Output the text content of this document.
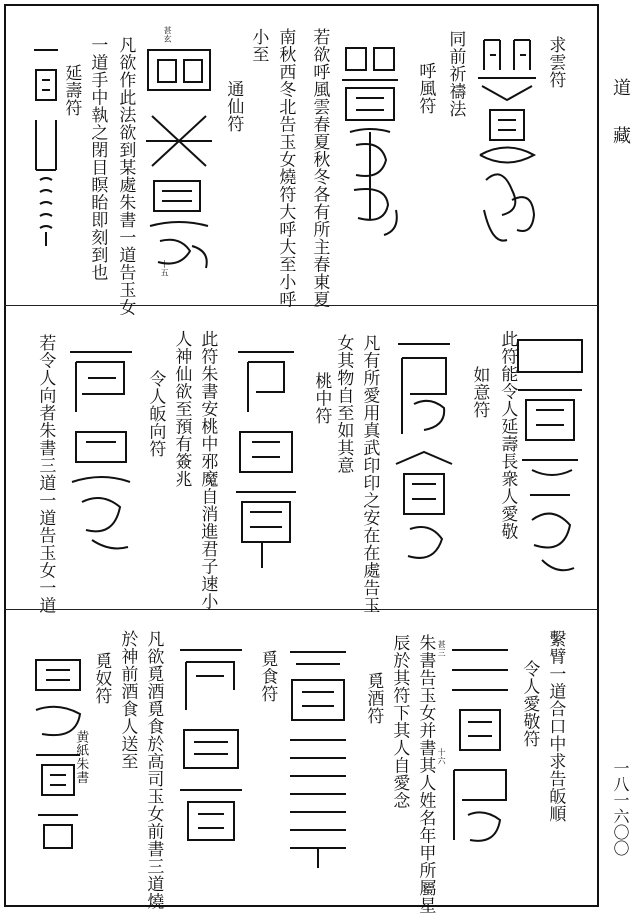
道藏
一八一六〇〇
求雲符
同前祈禱法
呼風符
若欲呼風雲春夏秋冬各有所主春東夏
南秋西冬北告玉女燒符大呼大至小呼
小至
通仙符
甚玄
十五
凡欲作此法欲到某處朱書一道告玉女
一道手中執之閉目瞑眙即刻到也
延壽符
此符能令人延壽長衆人愛敬
如意符
凡有所愛用真武印印之安在在處告玉
女其物自至如其意
桃中符
此符朱書安桃中邪魔自消進君子速小
人神仙欲至預有簽兆
令人皈向符
若令人向者朱書三道一道告玉女一道
繫臂一道合口中求告皈順
令人愛敬符
朱書告玉女并書其人姓名年甲所屬星
辰於其符下其人自愛念	甚三
十六
覓酒符
覓食符
凡欲覓酒覓食於高司玉女前書三道燒
於神前酒食人送至
覓奴符
黄紙朱書
